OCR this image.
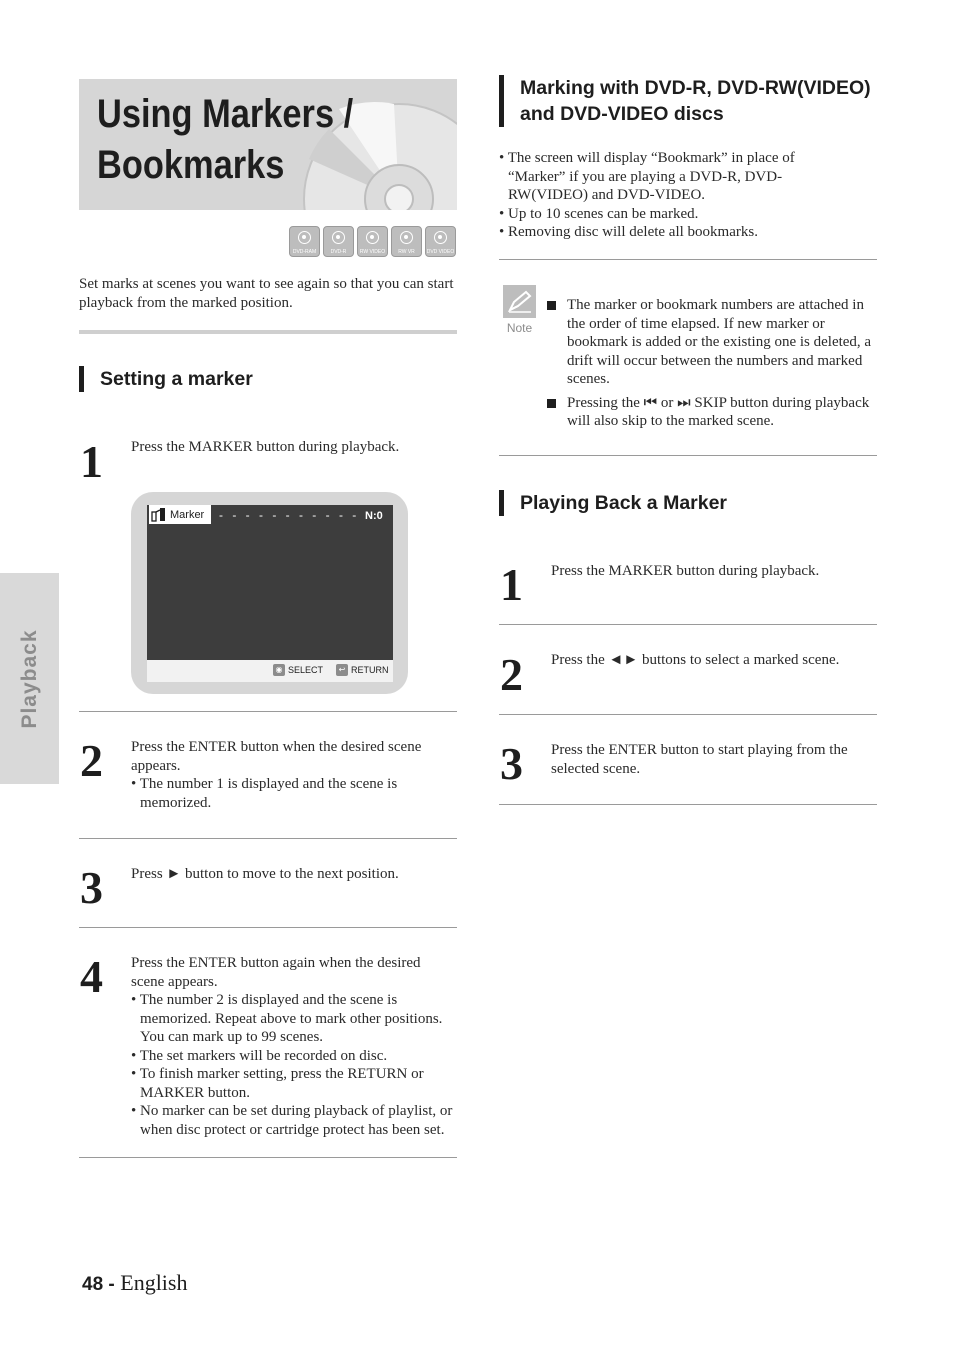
Playback
Using Markers /
Bookmarks
DVD-RAM	DVD-R	RW VIDEO	RW VR	DVD VIDEO
Set marks at scenes you want to see again so that you can start playback from the marked position.
Setting a marker
1 Press the MARKER button during playback.
Marker - - - - - - - - - - - N:0
◉ SELECT	↩ RETURN
2 Press the ENTER button when the desired scene appears.
• The number 1 is displayed and the scene is memorized.
3 Press ► button to move to the next position.
4 Press the ENTER button again when the desired scene appears.
• The number 2 is displayed and the scene is memorized. Repeat above to mark other positions. You can mark up to 99 scenes.
• The set markers will be recorded on disc.
• To finish marker setting, press the RETURN or MARKER button.
• No marker can be set during playback of playlist, or when disc protect or cartridge protect has been set.
Marking with DVD-R, DVD-RW(VIDEO)
and DVD-VIDEO discs
• The screen will display “Bookmark” in place of “Marker” if you are playing a DVD-R, DVD-RW(VIDEO) and DVD-VIDEO.
• Up to 10 scenes can be marked.
• Removing disc will delete all bookmarks.
Note
The marker or bookmark numbers are attached in the order of time elapsed. If new marker or bookmark is added or the existing one is deleted, a drift will occur between the numbers and marked scenes.
Pressing the ⏮ or ⏭ SKIP button during playback will also skip to the marked scene.
Playing Back a Marker
1 Press the MARKER button during playback.
2 Press the ◄► buttons to select a marked scene.
3 Press the ENTER button to start playing from the selected scene.
48 - English
